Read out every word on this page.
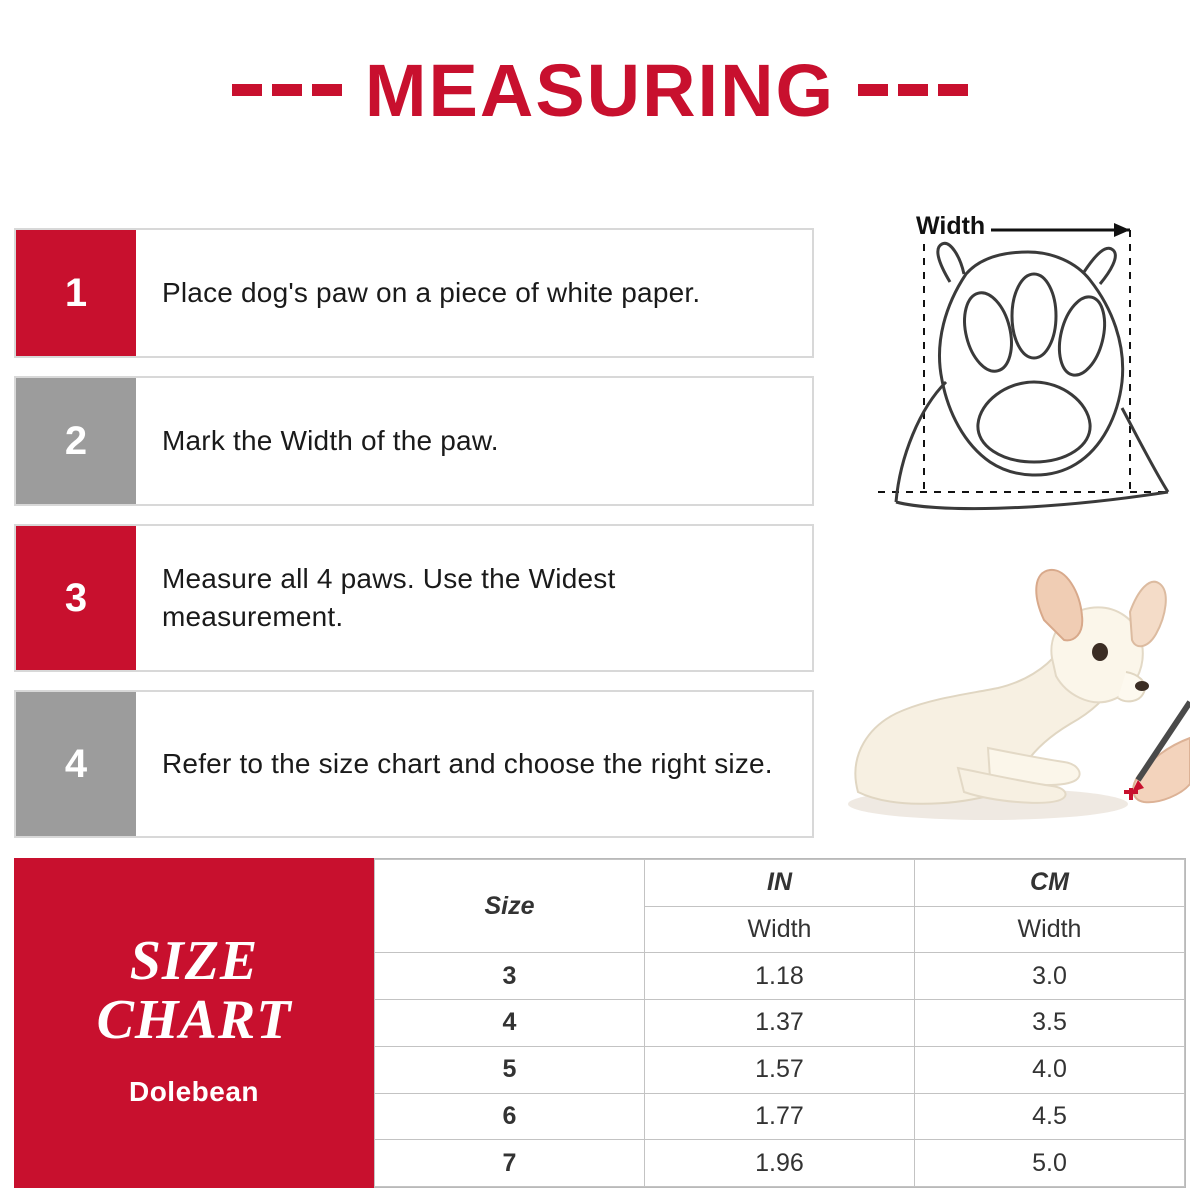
MEASURING
1	Place dog's paw on a piece of white paper.
2	Mark the Width of the paw.
3	Measure all 4 paws. Use the Widest measurement.
4	Refer to the size chart and choose the right size.
Width
SIZE
CHART
Dolebean
Size	IN	CM
	Width	Width
3	1.18	3.0
4	1.37	3.5
5	1.57	4.0
6	1.77	4.5
7	1.96	5.0
